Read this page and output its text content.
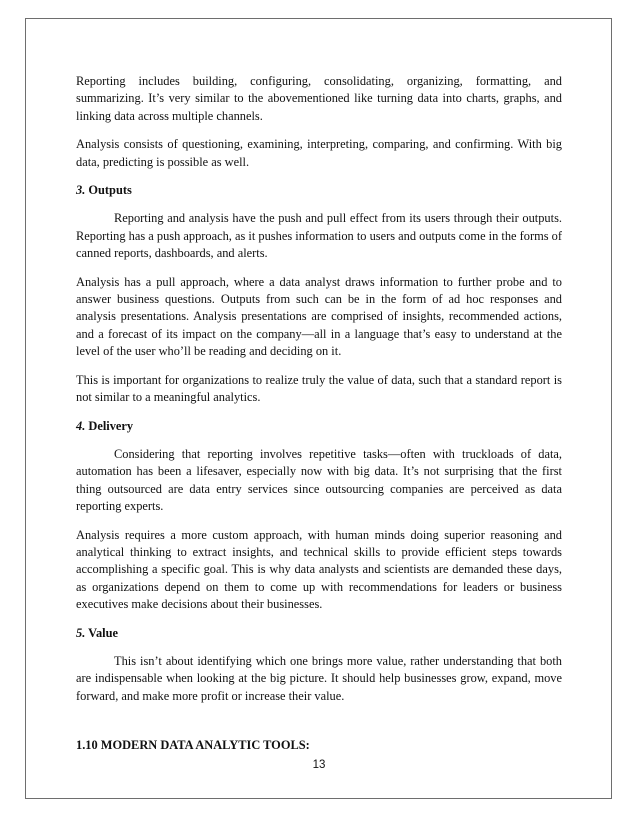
Reporting includes building, configuring, consolidating, organizing, formatting, and summarizing. It’s very similar to the abovementioned like turning data into charts, graphs, and linking data across multiple channels.

Analysis consists of questioning, examining, interpreting, comparing, and confirming. With big data, predicting is possible as well.

3. Outputs

Reporting and analysis have the push and pull effect from its users through their outputs. Reporting has a push approach, as it pushes information to users and outputs come in the forms of canned reports, dashboards, and alerts.

Analysis has a pull approach, where a data analyst draws information to further probe and to answer business questions. Outputs from such can be in the form of ad hoc responses and analysis presentations. Analysis presentations are comprised of insights, recommended actions, and a forecast of its impact on the company—all in a language that’s easy to understand at the level of the user who’ll be reading and deciding on it.

This is important for organizations to realize truly the value of data, such that a standard report is not similar to a meaningful analytics.

4. Delivery

Considering that reporting involves repetitive tasks—often with truckloads of data, automation has been a lifesaver, especially now with big data. It’s not surprising that the first thing outsourced are data entry services since outsourcing companies are perceived as data reporting experts.

Analysis requires a more custom approach, with human minds doing superior reasoning and analytical thinking to extract insights, and technical skills to provide efficient steps towards accomplishing a specific goal. This is why data analysts and scientists are demanded these days, as organizations depend on them to come up with recommendations for leaders or business executives make decisions about their businesses.

5. Value

This isn’t about identifying which one brings more value, rather understanding that both are indispensable when looking at the big picture. It should help businesses grow, expand, move forward, and make more profit or increase their value.

1.10 MODERN DATA ANALYTIC TOOLS:
13
